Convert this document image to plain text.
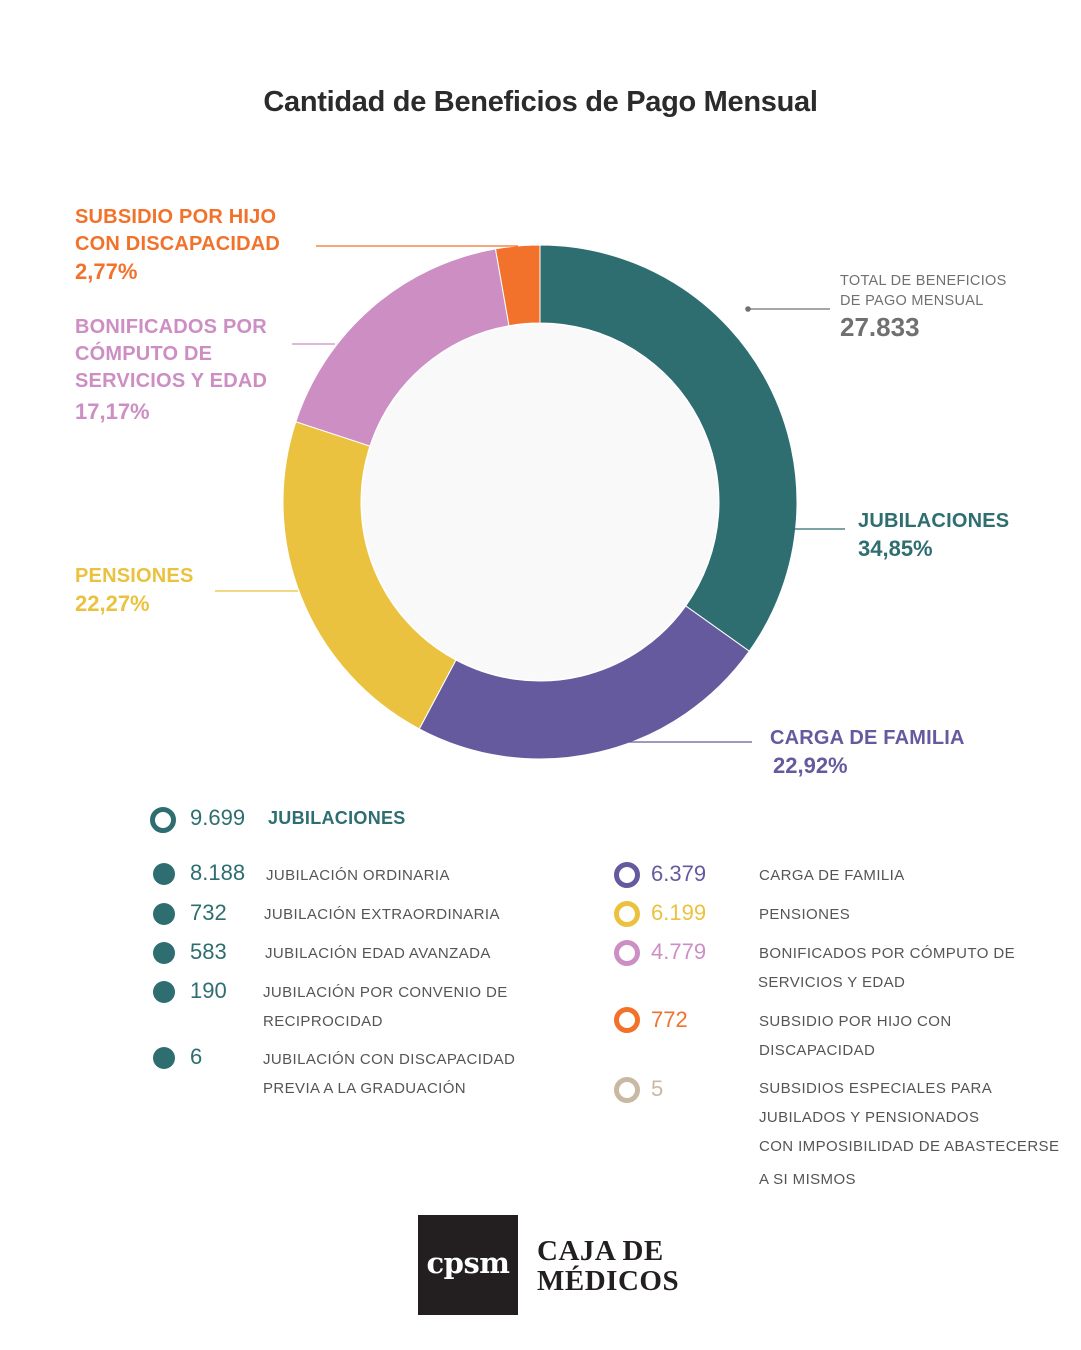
Cantidad de Beneficios de Pago Mensual
SUBSIDIO POR HIJO
CON DISCAPACIDAD
2,77%
BONIFICADOS POR
CÓMPUTO DE
SERVICIOS Y EDAD
17,17%
PENSIONES
22,27%
JUBILACIONES
34,85%
CARGA DE FAMILIA
22,92%
TOTAL DE BENEFICIOS
DE PAGO MENSUAL
27.833
9.699 JUBILACIONES
8.188 JUBILACIÓN ORDINARIA
732 JUBILACIÓN EXTRAORDINARIA
583	JUBILACIÓN EDAD AVANZADA
190 JUBILACIÓN POR CONVENIO DE
RECIPROCIDAD
6	JUBILACIÓN CON DISCAPACIDAD
PREVIA A LA GRADUACIÓN
6.379	CARGA DE FAMILIA
6.199	PENSIONES
4.779	BONIFICADOS POR CÓMPUTO DE
SERVICIOS Y EDAD
772	SUBSIDIO POR HIJO CON
DISCAPACIDAD
5	SUBSIDIOS ESPECIALES PARA
JUBILADOS Y PENSIONADOS
CON IMPOSIBILIDAD DE ABASTECERSE
A SI MISMOS
cpsm CAJA DE
MÉDICOS
